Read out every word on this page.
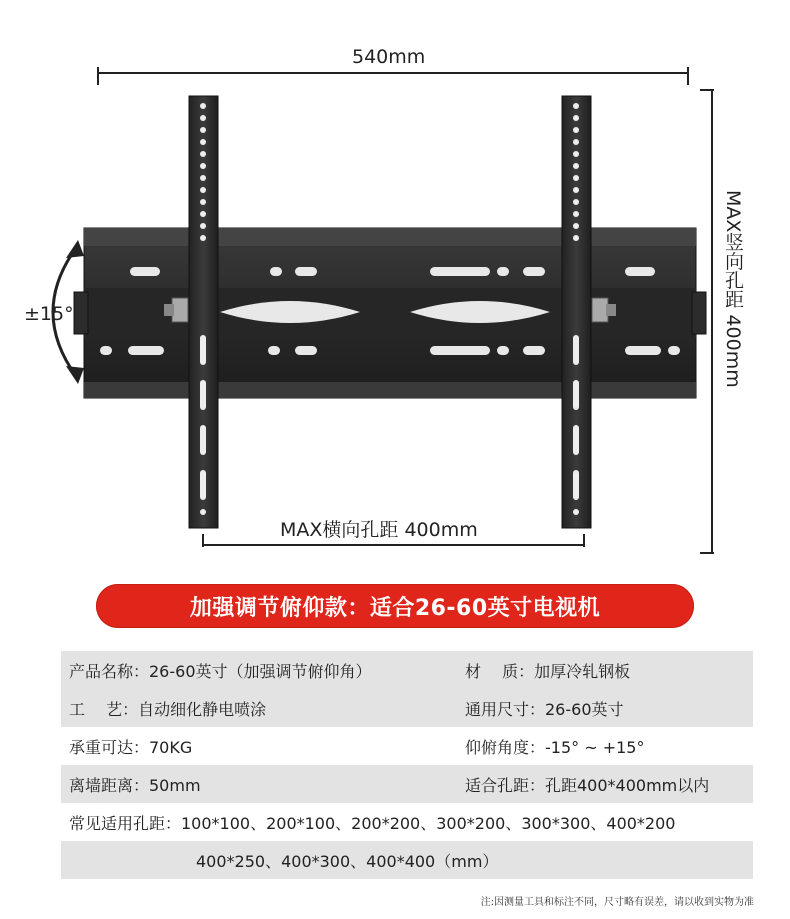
540mm
MAX竖向孔距 400mm
MAX横向孔距 400mm
±15°
加强调节俯仰款：适合26-60英寸电视机
产品名称：26-60英寸（加强调节俯仰角）	材　 质：加厚冷轧钢板
工　 艺：自动细化静电喷涂	通用尺寸：26-60英寸
承重可达：70KG	仰俯角度：-15° ~ +15°
离墙距离：50mm	适合孔距：孔距400*400mm以内
常见适用孔距：100*100、200*100、200*200、300*200、300*300、400*200
400*250、400*300、400*400（mm）
注:因测量工具和标注不同，尺寸略有误差，请以收到实物为准
